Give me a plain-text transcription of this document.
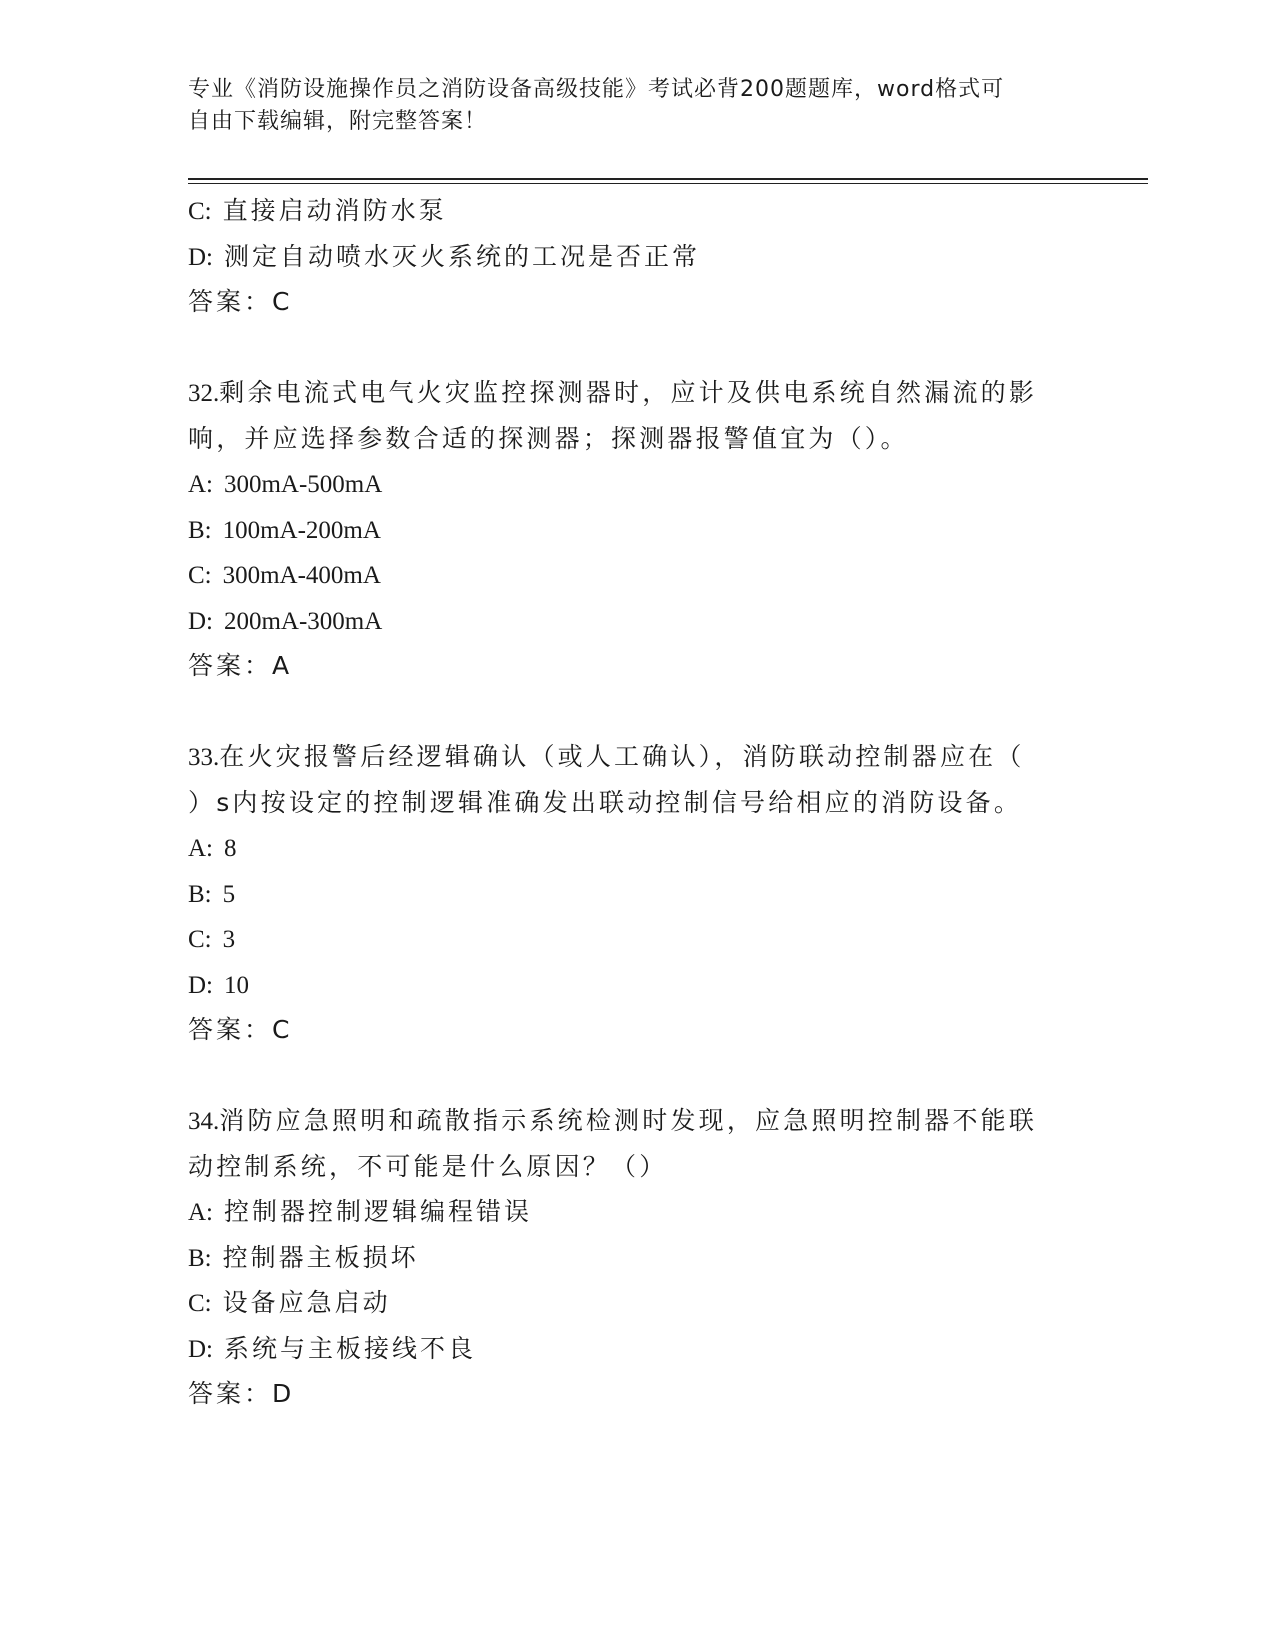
专业《消防设施操作员之消防设备高级技能》考试必背200题题库，word格式可
自由下载编辑，附完整答案！
C: 直接启动消防水泵
D: 测定自动喷水灭火系统的工况是否正常
答案：C
32.剩余电流式电气火灾监控探测器时，应计及供电系统自然漏流的影
响，并应选择参数合适的探测器；探测器报警值宜为（）。
A: 300mA-500mA
B: 100mA-200mA
C: 300mA-400mA
D: 200mA-300mA
答案：A
33.在火灾报警后经逻辑确认（或人工确认），消防联动控制器应在（
）s内按设定的控制逻辑准确发出联动控制信号给相应的消防设备。
A: 8
B: 5
C: 3
D: 10
答案：C
34.消防应急照明和疏散指示系统检测时发现，应急照明控制器不能联
动控制系统，不可能是什么原因？（）
A: 控制器控制逻辑编程错误
B: 控制器主板损坏
C: 设备应急启动
D: 系统与主板接线不良
答案：D
